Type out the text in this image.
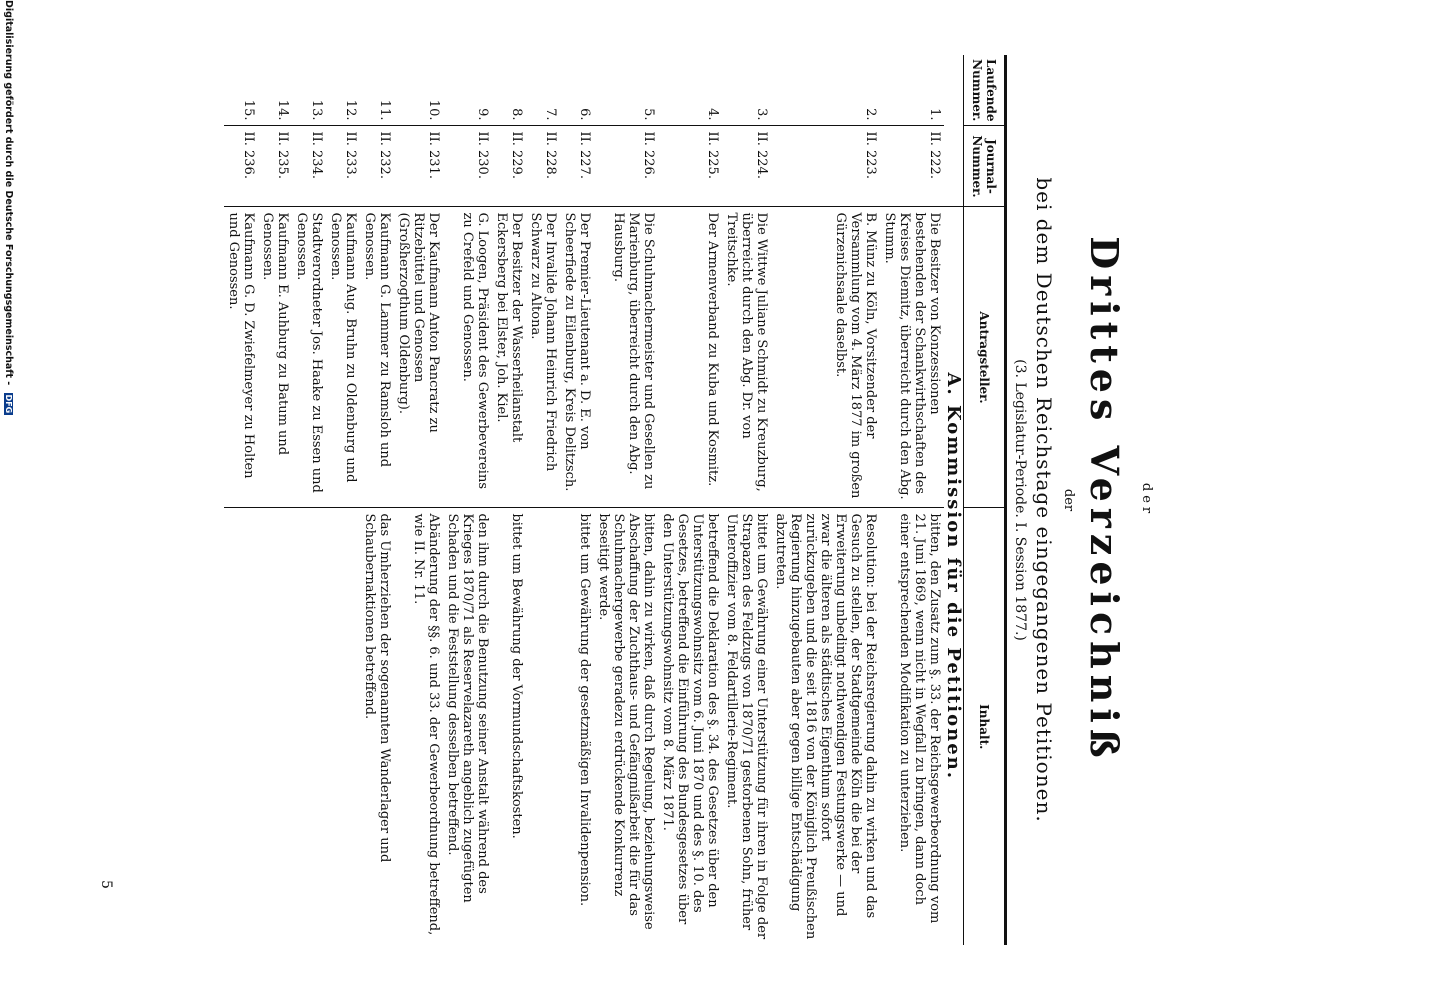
der
Drittes Verzeichniß
der
bei dem Deutschen Reichstage eingegangenen Petitionen.
(3. Legislatur-Periode. I. Session 1877.)
Laufende Nummer.	Journal-Nummer.	Antragsteller.	Inhalt.
		A. Kommission für die Petitionen.	
1.	II. 222.	Die Besitzer von Konzessionen bestehenden der Schankwirthschaften des Kreises Diemitz, überreicht durch den Abg. Stumm.	bitten, den Zusatz zum §. 33. der Reichsgewerbeordnung vom 21. Juni 1869, wenn nicht in Wegfall zu bringen, dann doch einer entsprechenden Modifikation zu unterziehen.
2.	II. 223.	B. Münz zu Köln, Vorsitzender der Versammlung vom 4. März 1877 im großen Gürzenichsaale daselbst.	Resolution: bei der Reichsregierung dahin zu wirken und das Gesuch zu stellen, der Stadtgemeinde Köln die bei der Erweiterung unbedingt nothwendigen Festungswerke — und zwar die älteren als städtisches Eigenthum sofort zurückzugeben und die seit 1816 von der Königlich Preußischen Regierung hinzugebauten aber gegen billige Entschädigung abzutreten.
3.	II. 224.	Die Wittwe Juliane Schmidt zu Kreuzburg, überreicht durch den Abg. Dr. von Treitschke.	bittet um Gewährung einer Unterstützung für ihren in Folge der Strapazen des Feldzugs von 1870/71 gestorbenen Sohn, früher Unteroffizier vom 8. Feldartillerie-Regiment.
4.	II. 225.	Der Armenverband zu Kuba und Kosmitz.	betreffend die Deklaration des §. 34. des Gesetzes über den Unterstützungswohnsitz vom 6. Juni 1870 und des §. 10. des Gesetzes, betreffend die Einführung des Bundesgesetzes über den Unterstützungswohnsitz vom 8. März 1871.
5.	II. 226.	Die Schuhmachermeister und Gesellen zu Marienburg, überreicht durch den Abg. Hausburg.	bitten, dahin zu wirken, daß durch Regelung, beziehungsweise Abschaffung der Zuchthaus- und Gefängnißarbeit die für das Schuhmachergewerbe geradezu erdrückende Konkurrenz beseitigt werde.
6.	II. 227.	Der Premier-Lieutenant a. D. E. von Scheerfiede zu Eilenburg, Kreis Delitzsch.	bittet um Gewährung der gesetzmäßigen Invalidenpension.
7.	II. 228.	Der Invalide Johann Heinrich Friedrich Schwarz zu Altona.	
8.	II. 229.	Der Besitzer der Wasserheilanstalt Eckersberg bei Elster, Joh. Kiel.	bittet um Bewährung der Vormundschaftskosten.
9.	II. 230.	G. Loogen, Präsident des Gewerbevereins zu Crefeld und Genossen.	den ihm durch die Benutzung seiner Anstalt während des Krieges 1870/71 als Reservelazareth angeblich zugefügten Schaden und die Feststellung desselben betreffend.
10.	II. 231.	Der Kaufmann Anton Pancratz zu Ritzebüttel und Genossen (Großherzogthum Oldenburg).	Abänderung der §§. 6. und 33. der Gewerbeordnung betreffend, wie II. Nr. 11.
11.	II. 232.	Kaufmann G. Lammer zu Ramsloh und Genossen.	das Umherziehen der sogenannten Wanderlager und Schaubernaktionen betreffend.
12.	II. 233.	Kaufmann Aug. Bruhn zu Oldenburg und Genossen.	
13.	II. 234.	Stadtverordneter Jos. Haake zu Essen und Genossen.	
14.	II. 235.	Kaufmann E. Auhburg zu Batum und Genossen.	
15.	II. 236.	Kaufmann G. D. Zwiefelmeyer zu Holten und Genossen.	
5
Digitalisierung gefördert durch die Deutsche Forschungsgemeinschaft - DFG
